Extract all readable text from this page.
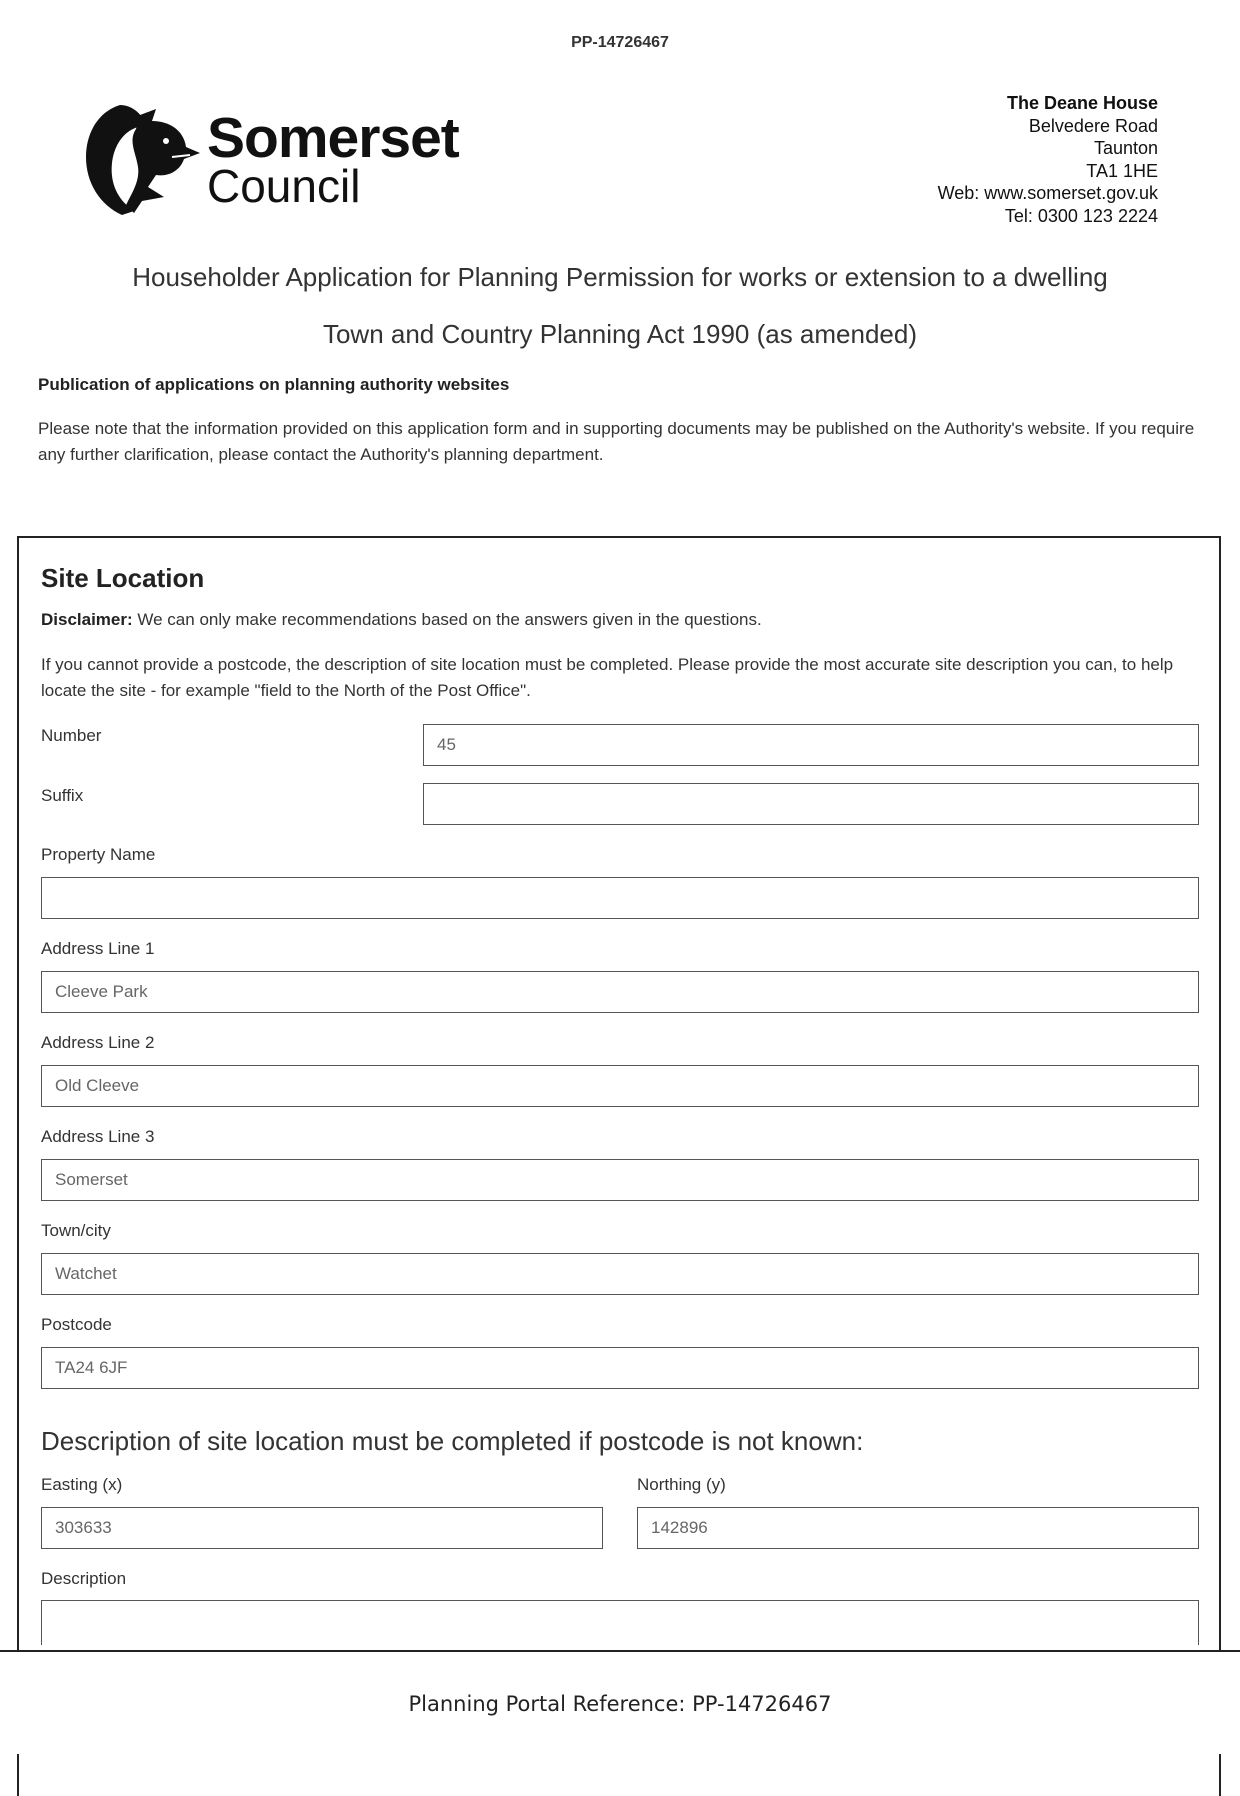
PP-14726467
Somerset
Council
The Deane House
Belvedere Road
Taunton
TA1 1HE
Web: www.somerset.gov.uk
Tel: 0300 123 2224
Householder Application for Planning Permission for works or extension to a dwelling
Town and Country Planning Act 1990 (as amended)
Publication of applications on planning authority websites
Please note that the information provided on this application form and in supporting documents may be published on the Authority's website. If you require any further clarification, please contact the Authority's planning department.
Site Location
Disclaimer: We can only make recommendations based on the answers given in the questions.
If you cannot provide a postcode, the description of site location must be completed. Please provide the most accurate site description you can, to help locate the site - for example "field to the North of the Post Office".
Number	45
Suffix
Property Name
Address Line 1
Cleeve Park
Address Line 2
Old Cleeve
Address Line 3
Somerset
Town/city
Watchet
Postcode
TA24 6JF
Description of site location must be completed if postcode is not known:
Easting (x)
303633
Northing (y)
142896
Description
Planning Portal Reference: PP-14726467
